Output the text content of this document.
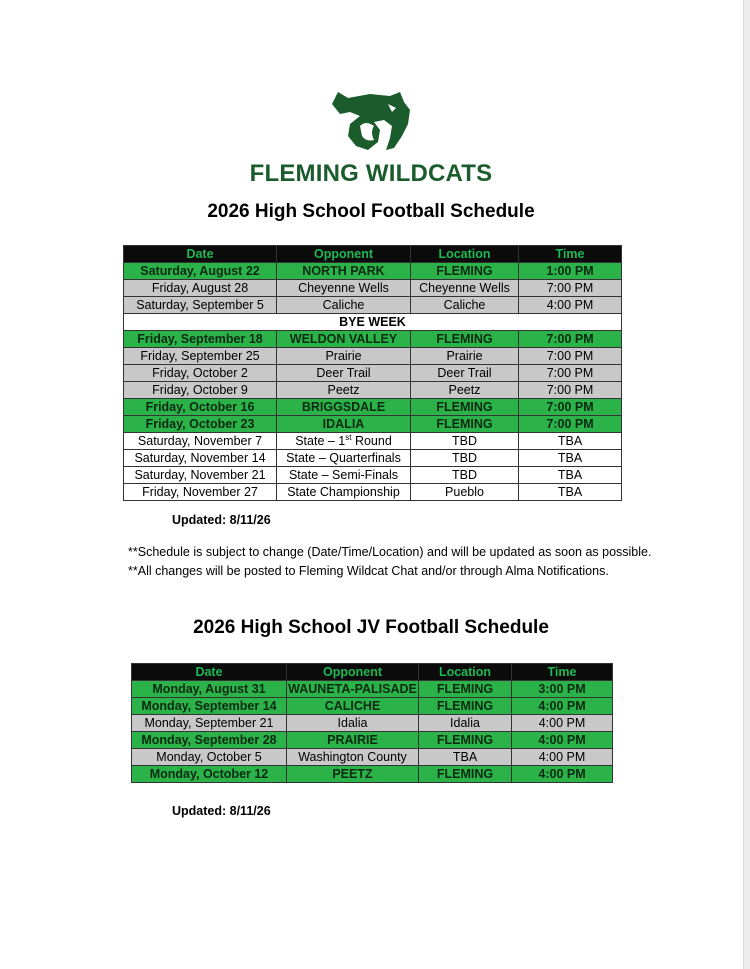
FLEMING WILDCATS
2026 High School Football Schedule
Date	Opponent	Location	Time
Saturday, August 22	NORTH PARK	FLEMING	1:00 PM
Friday, August 28	Cheyenne Wells	Cheyenne Wells	7:00 PM
Saturday, September 5	Caliche	Caliche	4:00 PM
BYE WEEK			
Friday, September 18	WELDON VALLEY	FLEMING	7:00 PM
Friday, September 25	Prairie	Prairie	7:00 PM
Friday, October 2	Deer Trail	Deer Trail	7:00 PM
Friday, October 9	Peetz	Peetz	7:00 PM
Friday, October 16	BRIGGSDALE	FLEMING	7:00 PM
Friday, October 23	IDALIA	FLEMING	7:00 PM
Saturday, November 7	State – 1st Round	TBD	TBA
Saturday, November 14	State – Quarterfinals	TBD	TBA
Saturday, November 21	State – Semi-Finals	TBD	TBA
Friday, November 27	State Championship	Pueblo	TBA
Updated: 8/11/26
**Schedule is subject to change (Date/Time/Location) and will be updated as soon as possible.
**All changes will be posted to Fleming Wildcat Chat and/or through Alma Notifications.
2026 High School JV Football Schedule
Date	Opponent	Location	Time
Monday, August 31	WAUNETA-PALISADE	FLEMING	3:00 PM
Monday, September 14	CALICHE	FLEMING	4:00 PM
Monday, September 21	Idalia	Idalia	4:00 PM
Monday, September 28	PRAIRIE	FLEMING	4:00 PM
Monday, October 5	Washington County	TBA	4:00 PM
Monday, October 12	PEETZ	FLEMING	4:00 PM
Updated: 8/11/26
